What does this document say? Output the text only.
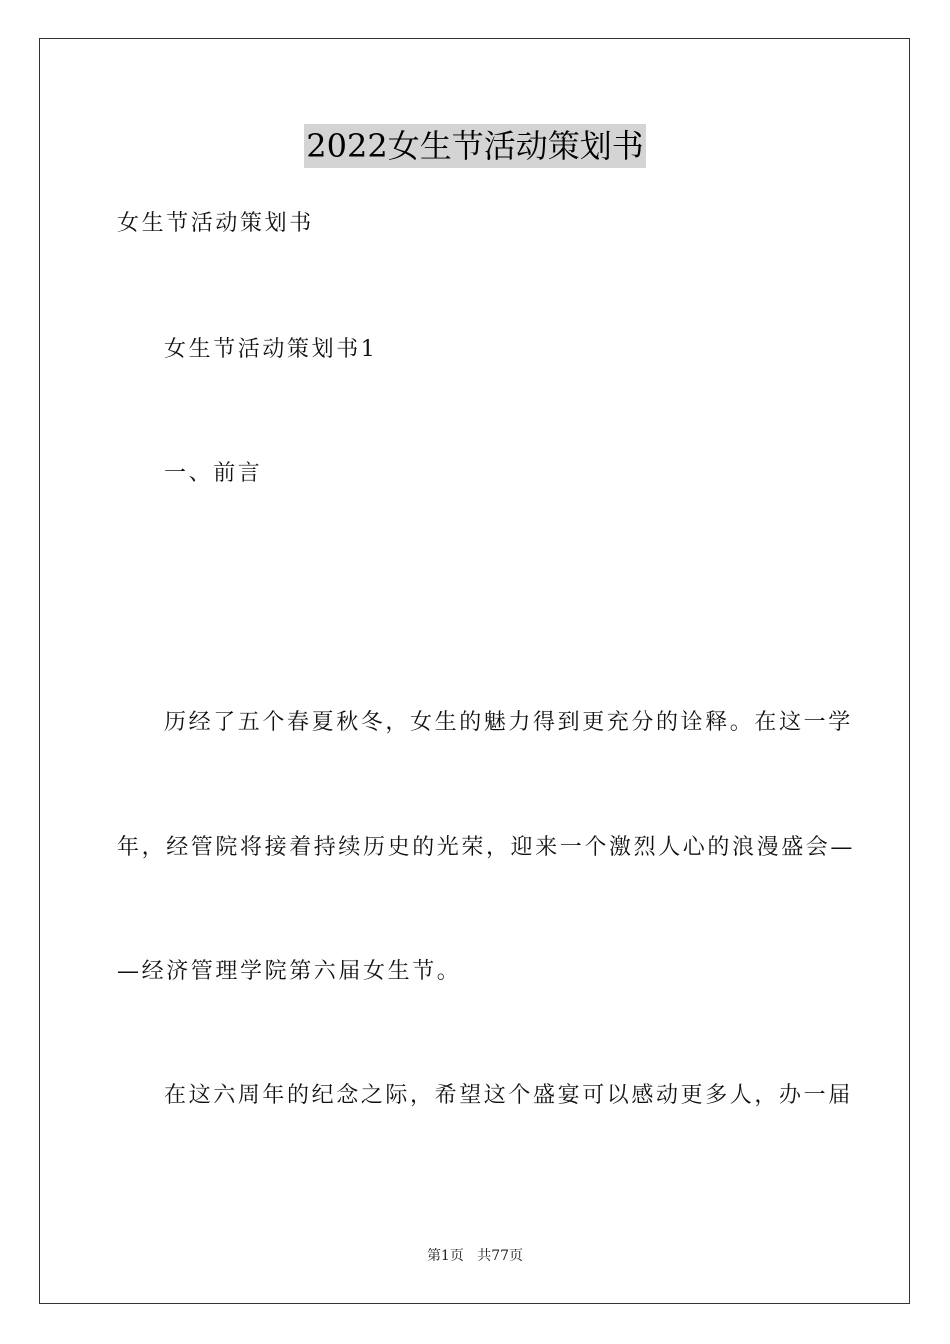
2022女生节活动策划书
女生节活动策划书
女生节活动策划书1
一、前言
历经了五个春夏秋冬，女生的魅力得到更充分的诠释。在这一学
年，经管院将接着持续历史的光荣，迎来一个激烈人心的浪漫盛会—
—经济管理学院第六届女生节。
在这六周年的纪念之际，希望这个盛宴可以感动更多人，办一届
第1页 共77页
